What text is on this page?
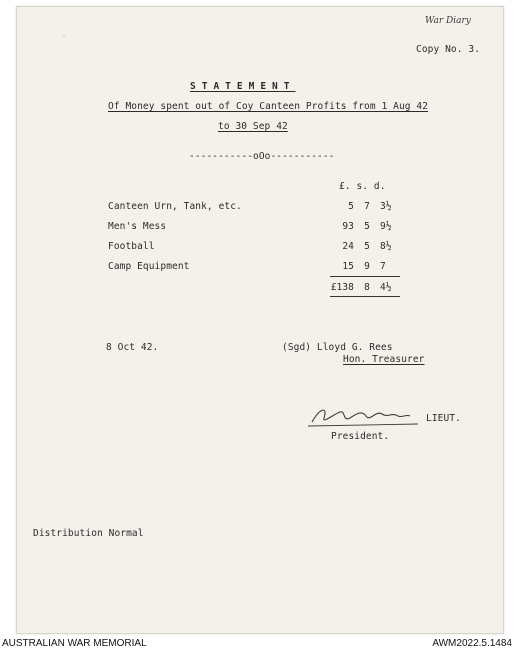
◦
War Diary
Copy No. 3.
STATEMENT
Of Money spent out of Coy Canteen Profits from 1 Aug 42
to 30 Sep 42
-----------oOo-----------
£. s. d.
Canteen Urn, Tank, etc.	5	7 3½
Men's Mess	93	5 9½
Football	24	5 8½
Camp Equipment	15	9 7
£138	8 4½
8 Oct 42.	(Sgd) Lloyd G. Rees
Hon. Treasurer
LIEUT.
President.
Distribution Normal
AUSTRALIAN WAR MEMORIAL	AWM2022.5.1484
